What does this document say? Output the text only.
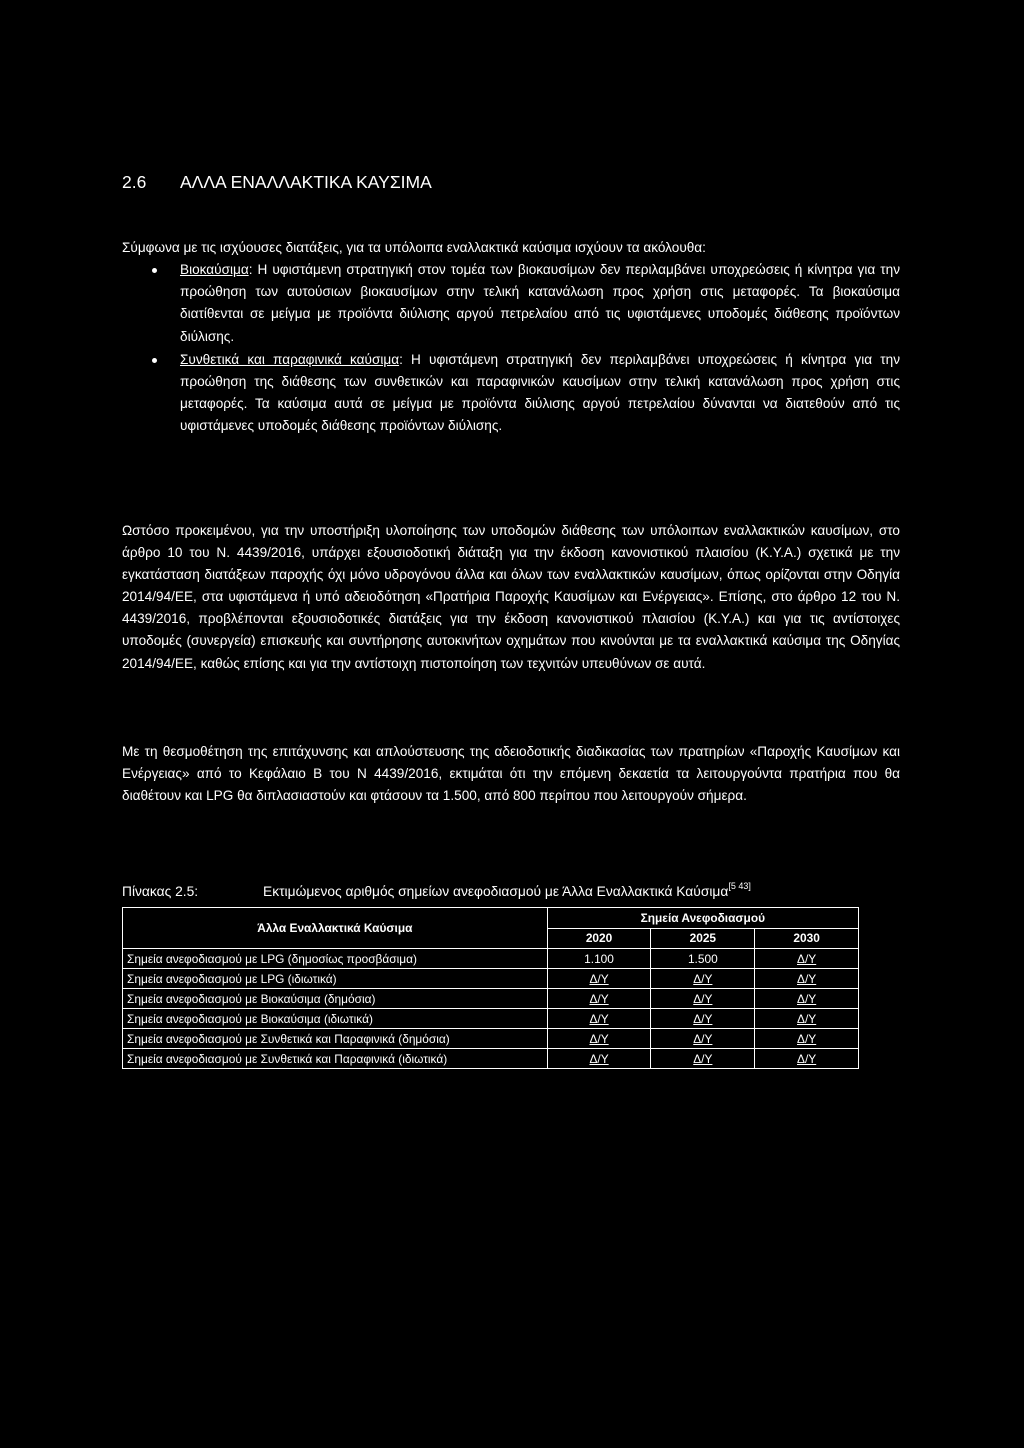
2.6 ΑΛΛΑ ΕΝΑΛΛΑΚΤΙΚΑ ΚΑΥΣΙΜΑ
Σύμφωνα με τις ισχύουσες διατάξεις, για τα υπόλοιπα εναλλακτικά καύσιμα ισχύουν τα ακόλουθα:
Βιοκαύσιμα: Η υφιστάμενη στρατηγική στον τομέα των βιοκαυσίμων δεν περιλαμβάνει υποχρεώσεις ή κίνητρα για την προώθηση των αυτούσιων βιοκαυσίμων στην τελική κατανάλωση προς χρήση στις μεταφορές. Τα βιοκαύσιμα διατίθενται σε μείγμα με προϊόντα διύλισης αργού πετρελαίου από τις υφιστάμενες υποδομές διάθεσης προϊόντων διύλισης.
Συνθετικά και παραφινικά καύσιμα: Η υφιστάμενη στρατηγική δεν περιλαμβάνει υποχρεώσεις ή κίνητρα για την προώθηση της διάθεσης των συνθετικών και παραφινικών καυσίμων στην τελική κατανάλωση προς χρήση στις μεταφορές. Τα καύσιμα αυτά σε μείγμα με προϊόντα διύλισης αργού πετρελαίου δύνανται να διατεθούν από τις υφιστάμενες υποδομές διάθεσης προϊόντων διύλισης.

Ωστόσο προκειμένου, για την υποστήριξη υλοποίησης των υποδομών διάθεσης των υπόλοιπων εναλλακτικών καυσίμων, στο άρθρο 10 του Ν. 4439/2016, υπάρχει εξουσιοδοτική διάταξη για την έκδοση κανονιστικού πλαισίου (Κ.Υ.Α.) σχετικά με την εγκατάσταση διατάξεων παροχής όχι μόνο υδρογόνου άλλα και όλων των εναλλακτικών καυσίμων, όπως ορίζονται στην Οδηγία 2014/94/ΕΕ, στα υφιστάμενα ή υπό αδειοδότηση «Πρατήρια Παροχής Καυσίμων και Ενέργειας». Επίσης, στο άρθρο 12 του Ν. 4439/2016, προβλέπονται εξουσιοδοτικές διατάξεις για την έκδοση κανονιστικού πλαισίου (Κ.Υ.Α.) και για τις αντίστοιχες υποδομές (συνεργεία) επισκευής και συντήρησης αυτοκινήτων οχημάτων που κινούνται με τα εναλλακτικά καύσιμα της Οδηγίας 2014/94/ΕΕ, καθώς επίσης και για την αντίστοιχη πιστοποίηση των τεχνιτών υπευθύνων σε αυτά.

Με τη θεσμοθέτηση της επιτάχυνσης και απλούστευσης της αδειοδοτικής διαδικασίας των πρατηρίων «Παροχής Καυσίμων και Ενέργειας» από το Κεφάλαιο Β του Ν 4439/2016, εκτιμάται ότι την επόμενη δεκαετία τα λειτουργούντα πρατήρια που θα διαθέτουν και LPG θα διπλασιαστούν και φτάσουν τα 1.500, από 800 περίπου που λειτουργούν σήμερα.

Πίνακας 2.5:	Εκτιμώμενος αριθμός σημείων ανεφοδιασμού με Άλλα Εναλλακτικά Καύσιμα[5 43]
Άλλα Εναλλακτικά Καύσιμα	Σημεία Ανεφοδιασμού		
	2020	2025	2030
Σημεία ανεφοδιασμού με LPG (δημοσίως προσβάσιμα)	1.100	1.500	Δ/Υ
Σημεία ανεφοδιασμού με LPG (ιδιωτικά)	Δ/Υ	Δ/Υ	Δ/Υ
Σημεία ανεφοδιασμού με Βιοκαύσιμα (δημόσια)	Δ/Υ	Δ/Υ	Δ/Υ
Σημεία ανεφοδιασμού με Βιοκαύσιμα (ιδιωτικά)	Δ/Υ	Δ/Υ	Δ/Υ
Σημεία ανεφοδιασμού με Συνθετικά και Παραφινικά (δημόσια)	Δ/Υ	Δ/Υ	Δ/Υ
Σημεία ανεφοδιασμού με Συνθετικά και Παραφινικά (ιδιωτικά)	Δ/Υ	Δ/Υ	Δ/Υ
